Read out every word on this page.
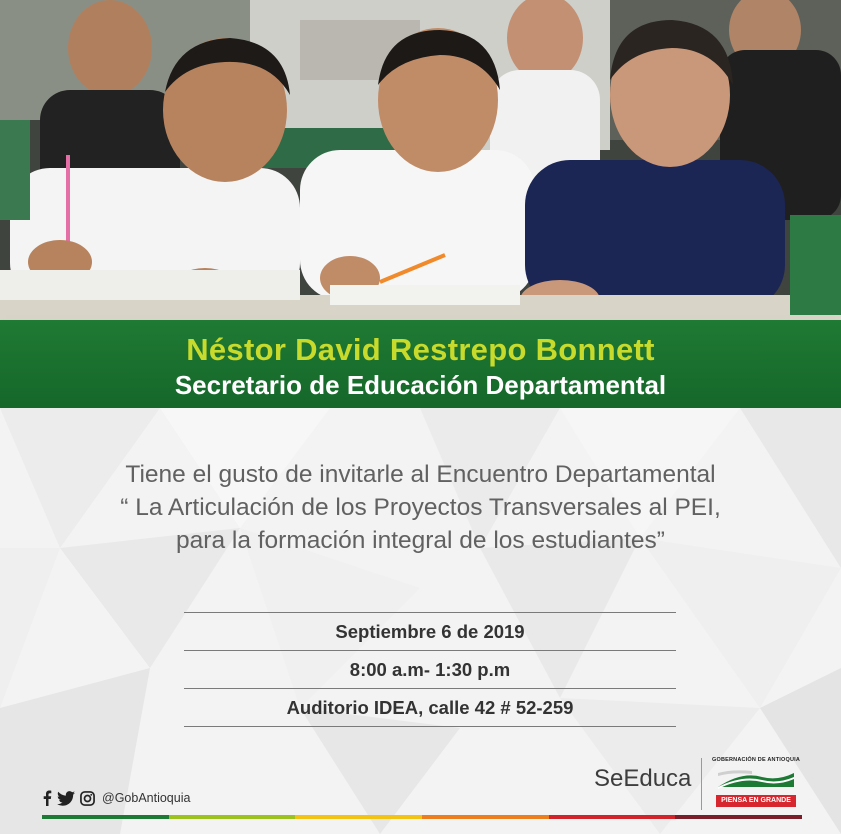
Néstor David Restrepo Bonnett
Secretario de Educación Departamental
Tiene el gusto de invitarle al Encuentro Departamental
“ La Articulación de los Proyectos Transversales al PEI,
para la formación integral de los estudiantes”
Septiembre 6 de 2019
8:00 a.m- 1:30 p.m
Auditorio IDEA, calle 42 # 52-259
@GobAntioquia
SeEduca
GOBERNACIÓN DE ANTIOQUIA
PIENSA EN GRANDE
